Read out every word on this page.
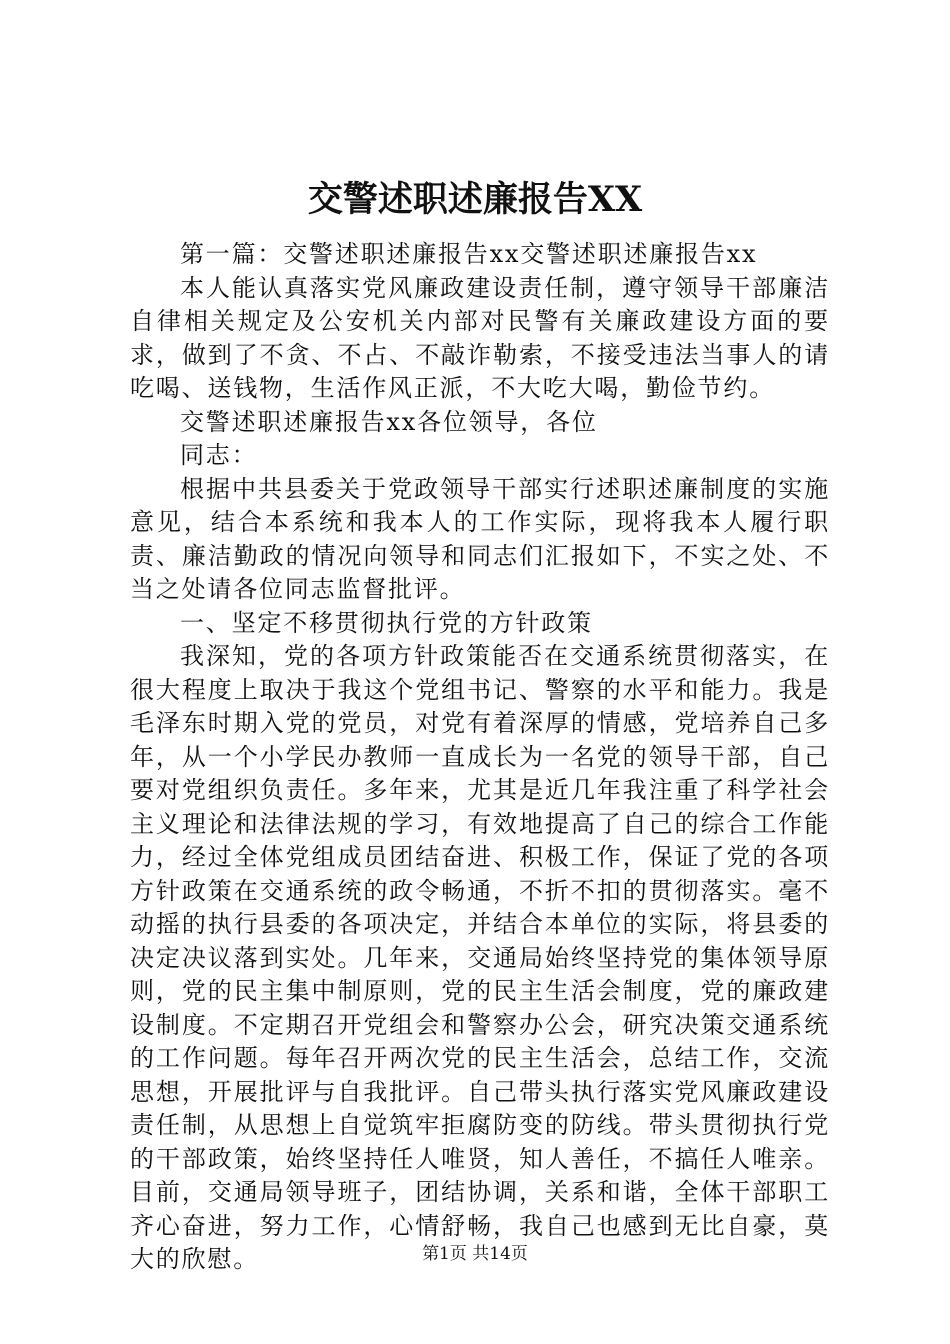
交警述职述廉报告XX

第一篇：交警述职述廉报告xx交警述职述廉报告xx

本人能认真落实党风廉政建设责任制，遵守领导干部廉洁自律相关规定及公安机关内部对民警有关廉政建设方面的要求，做到了不贪、不占、不敲诈勒索，不接受违法当事人的请吃喝、送钱物，生活作风正派，不大吃大喝，勤俭节约。

交警述职述廉报告xx各位领导，各位

同志：

根据中共县委关于党政领导干部实行述职述廉制度的实施意见，结合本系统和我本人的工作实际，现将我本人履行职责、廉洁勤政的情况向领导和同志们汇报如下，不实之处、不当之处请各位同志监督批评。

一、坚定不移贯彻执行党的方针政策

我深知，党的各项方针政策能否在交通系统贯彻落实，在很大程度上取决于我这个党组书记、警察的水平和能力。我是毛泽东时期入党的党员，对党有着深厚的情感，党培养自己多年，从一个小学民办教师一直成长为一名党的领导干部，自己要对党组织负责任。多年来，尤其是近几年我注重了科学社会主义理论和法律法规的学习，有效地提高了自己的综合工作能力，经过全体党组成员团结奋进、积极工作，保证了党的各项方针政策在交通系统的政令畅通，不折不扣的贯彻落实。毫不动摇的执行县委的各项决定，并结合本单位的实际，将县委的决定决议落到实处。几年来，交通局始终坚持党的集体领导原则，党的民主集中制原则，党的民主生活会制度，党的廉政建设制度。不定期召开党组会和警察办公会，研究决策交通系统的工作问题。每年召开两次党的民主生活会，总结工作，交流思想，开展批评与自我批评。自己带头执行落实党风廉政建设责任制，从思想上自觉筑牢拒腐防变的防线。带头贯彻执行党的干部政策，始终坚持任人唯贤，知人善任，不搞任人唯亲。目前，交通局领导班子，团结协调，关系和谐，全体干部职工齐心奋进，努力工作，心情舒畅，我自己也感到无比自豪，莫大的欣慰。	第1页 共14页
